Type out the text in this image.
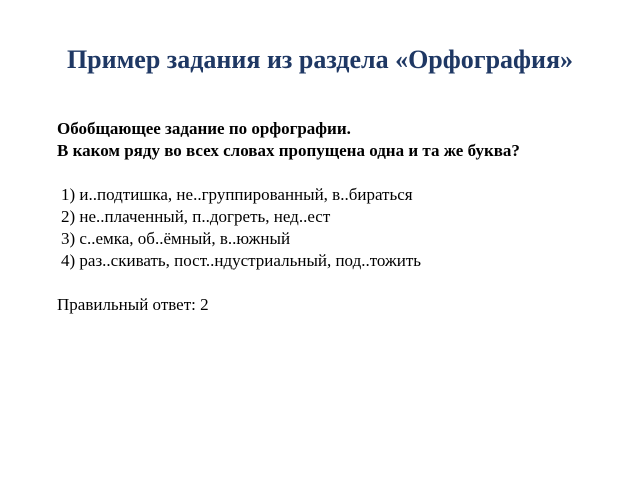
Пример задания из раздела «Орфография»
Обобщающее задание по орфографии.

В каком ряду во всех словах пропущена одна и та же буква?

1) и..подтишка, не..группированный, в..бираться
2) не..плаченный, п..догреть, нед..ест
3) с..емка, об..ёмный, в..южный
4) раз..скивать, пост..ндустриальный, под..тожить
Правильный ответ: 2
